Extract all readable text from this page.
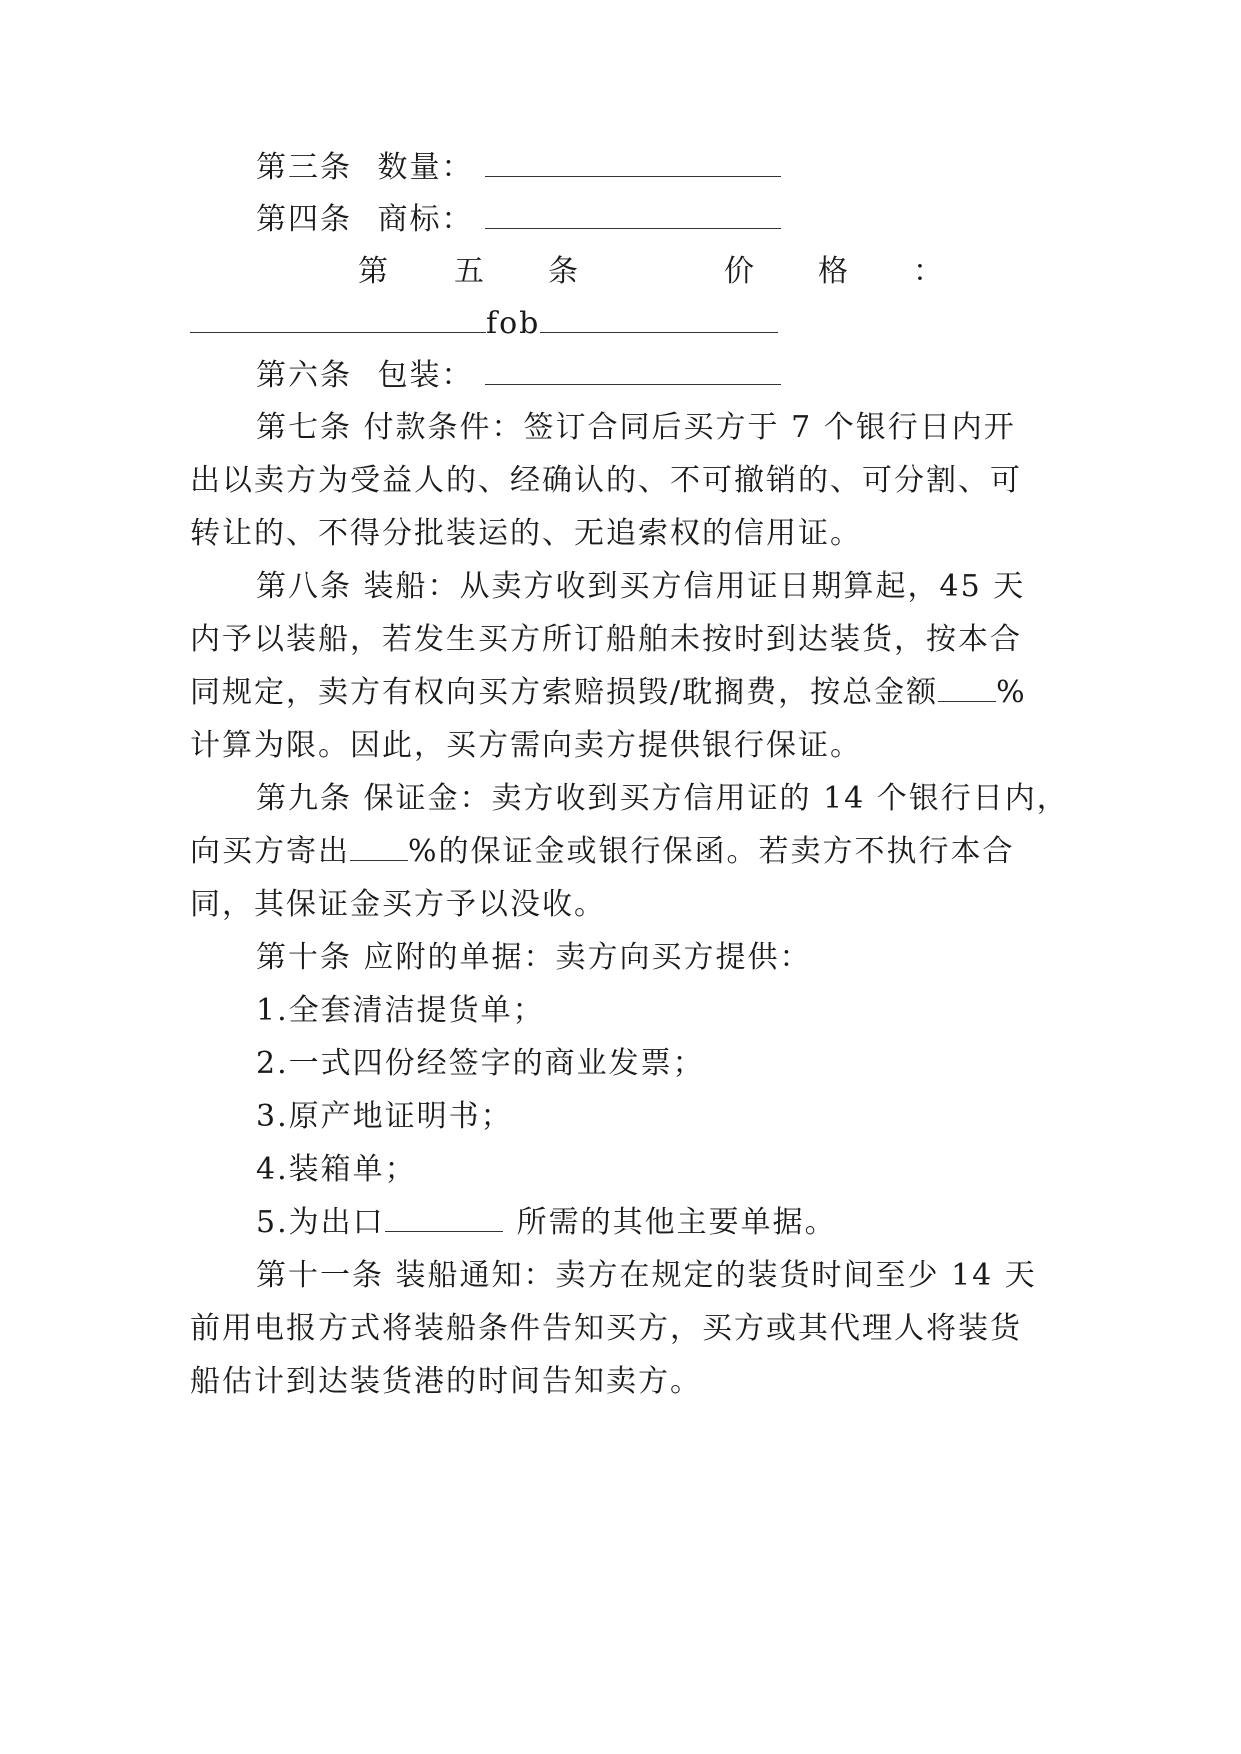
第三条 数量：
第四条 商标：
第 五 条	价 格 ：
fob
第六条 包装：
第七条 付款条件：签订合同后买方于 7 个银行日内开
出以卖方为受益人的、经确认的、不可撤销的、可分割、可
转让的、不得分批装运的、无追索权的信用证。
第八条 装船：从卖方收到买方信用证日期算起，45 天
内予以装船，若发生买方所订船舶未按时到达装货，按本合
同规定，卖方有权向买方索赔损毁/耽搁费，按总金额 %
计算为限。因此，买方需向卖方提供银行保证。
第九条 保证金：卖方收到买方信用证的 14 个银行日内，
向买方寄出 %的保证金或银行保函。若卖方不执行本合
同，其保证金买方予以没收。
第十条 应附的单据：卖方向买方提供：
1.全套清洁提货单；
2.一式四份经签字的商业发票；
3.原产地证明书；
4.装箱单；
5.为出口	所需的其他主要单据。
第十一条 装船通知：卖方在规定的装货时间至少 14 天
前用电报方式将装船条件告知买方，买方或其代理人将装货
船估计到达装货港的时间告知卖方。
